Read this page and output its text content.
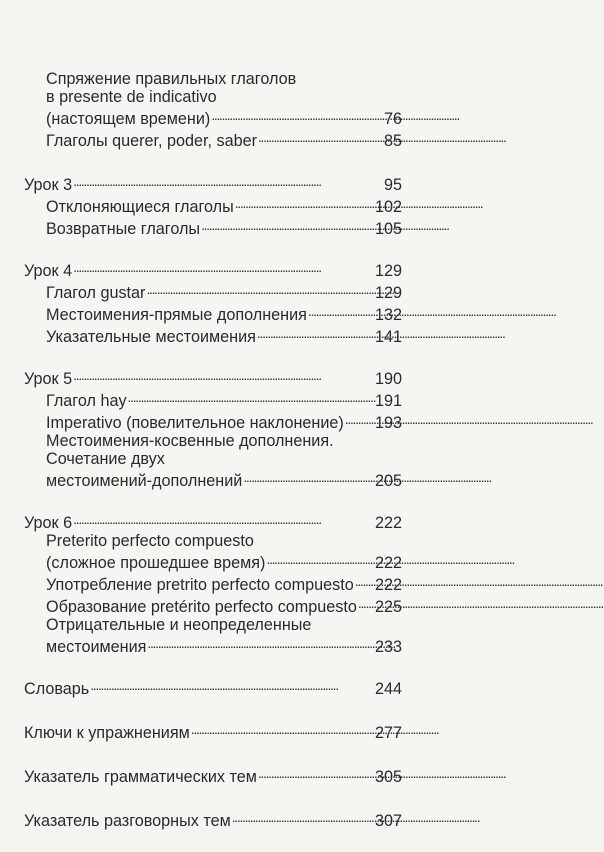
Спряжение правильных глаголов
в presente de indicativo
(настоящем времени) . . .	76
Глаголы querer, poder, saber . . .	85
Урок 3 . . .	95
Отклоняющиеся глаголы . . .	102
Возвратные глаголы . . .	105
Урок 4 . . .	129
Глагол gustar . . .	129
Местоимения-прямые дополнения . . .	132
Указательные местоимения . . .	141
Урок 5 . . .	190
Глагол hay . . .	191
Imperativo (повелительное наклонение) . . . 193
Местоимения-косвенные дополнения.
Сочетание двух
местоимений-дополнений . . .	205
Урок 6 . . .	222
Preterito perfecto compuesto
(сложное прошедшее время) . . .	222
Употребление pretrito perfecto compuesto . . . 222
Образование pretérito perfecto compuesto . . . 225
Отрицательные и неопределенные
местоимения . . .	233
Словарь . . .	244
Ключи к упражнениям . . .	277
Указатель грамматических тем . . .	305
Указатель разговорных тем . . .	307
